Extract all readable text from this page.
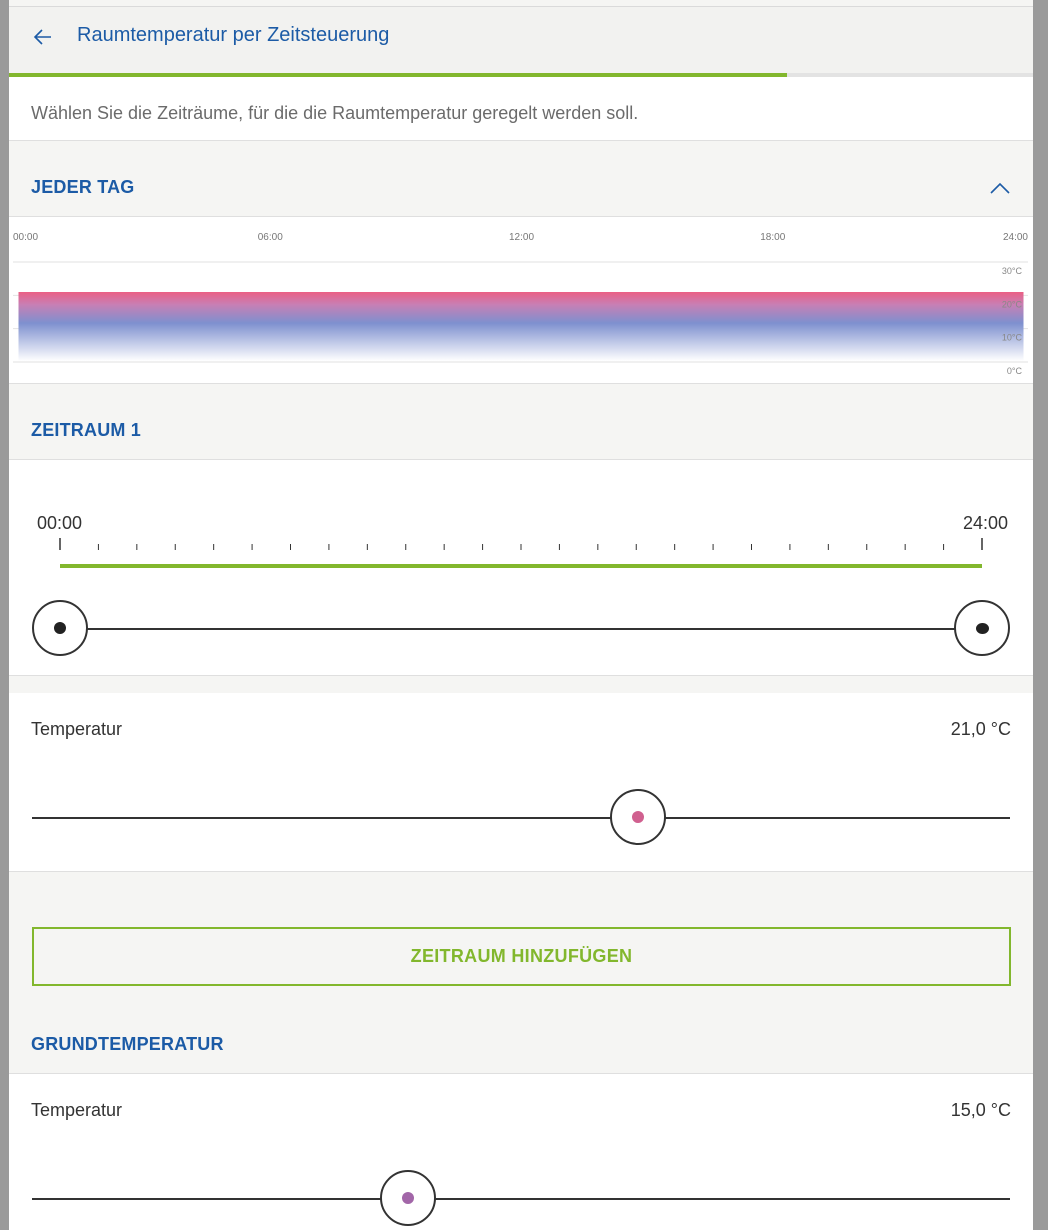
Raumtemperatur per Zeitsteuerung
Wählen Sie die Zeiträume, für die die Raumtemperatur geregelt werden soll.
JEDER TAG
00:00	06:00	12:00	18:00	24:00
30°C
20°C
10°C
0°C
ZEITRAUM 1
00:00	24:00
Temperatur	21,0 °C
ZEITRAUM HINZUFÜGEN
GRUNDTEMPERATUR
Temperatur	15,0 °C
